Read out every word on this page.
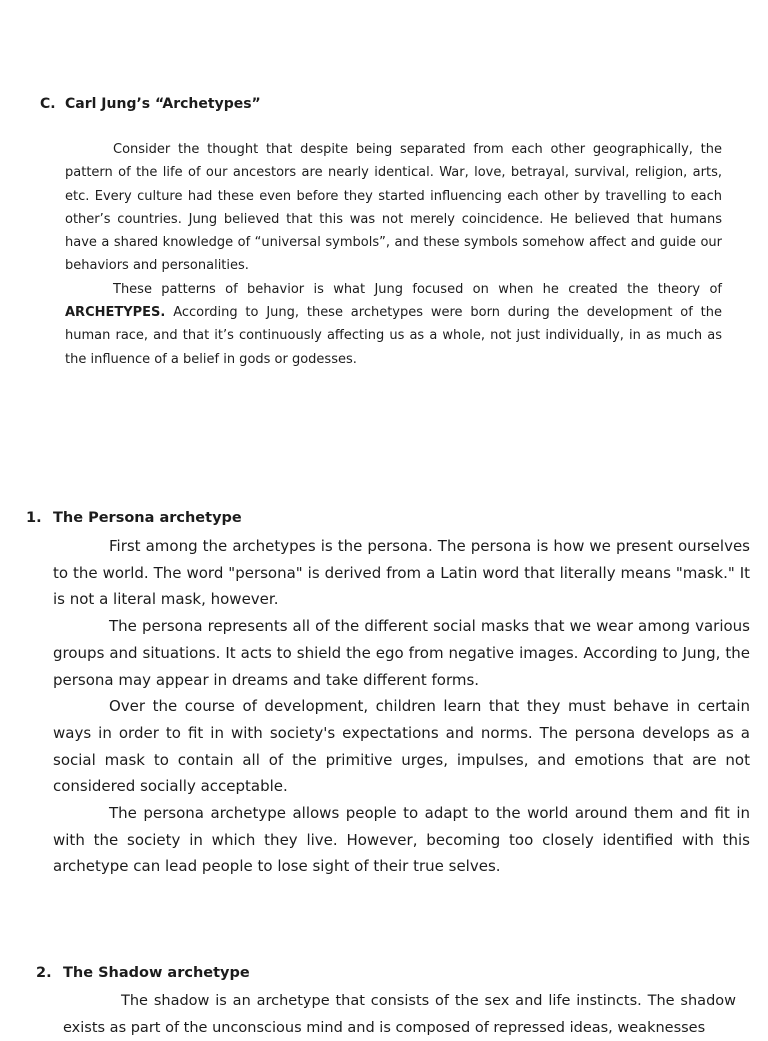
C. Carl Jung’s “Archetypes”

Consider the thought that despite being separated from each other geographically, the pattern of the life of our ancestors are nearly identical. War, love, betrayal, survival, religion, arts, etc. Every culture had these even before they started influencing each other by travelling to each other’s countries. Jung believed that this was not merely coincidence. He believed that humans have a shared knowledge of “universal symbols”, and these symbols somehow affect and guide our behaviors and personalities.

These patterns of behavior is what Jung focused on when he created the theory of ARCHETYPES. According to Jung, these archetypes were born during the development of the human race, and that it’s continuously affecting us as a whole, not just individually, in as much as the influence of a belief in gods or godesses.

1. The Persona archetype

First among the archetypes is the persona. The persona is how we present ourselves to the world. The word "persona" is derived from a Latin word that literally means "mask." It is not a literal mask, however.

The persona represents all of the different social masks that we wear among various groups and situations. It acts to shield the ego from negative images. According to Jung, the persona may appear in dreams and take different forms.

Over the course of development, children learn that they must behave in certain ways in order to fit in with society's expectations and norms. The persona develops as a social mask to contain all of the primitive urges, impulses, and emotions that are not considered socially acceptable.

The persona archetype allows people to adapt to the world around them and fit in with the society in which they live. However, becoming too closely identified with this archetype can lead people to lose sight of their true selves.

2. The Shadow archetype

The shadow is an archetype that consists of the sex and life instincts. The shadow exists as part of the unconscious mind and is composed of repressed ideas, weaknesses
